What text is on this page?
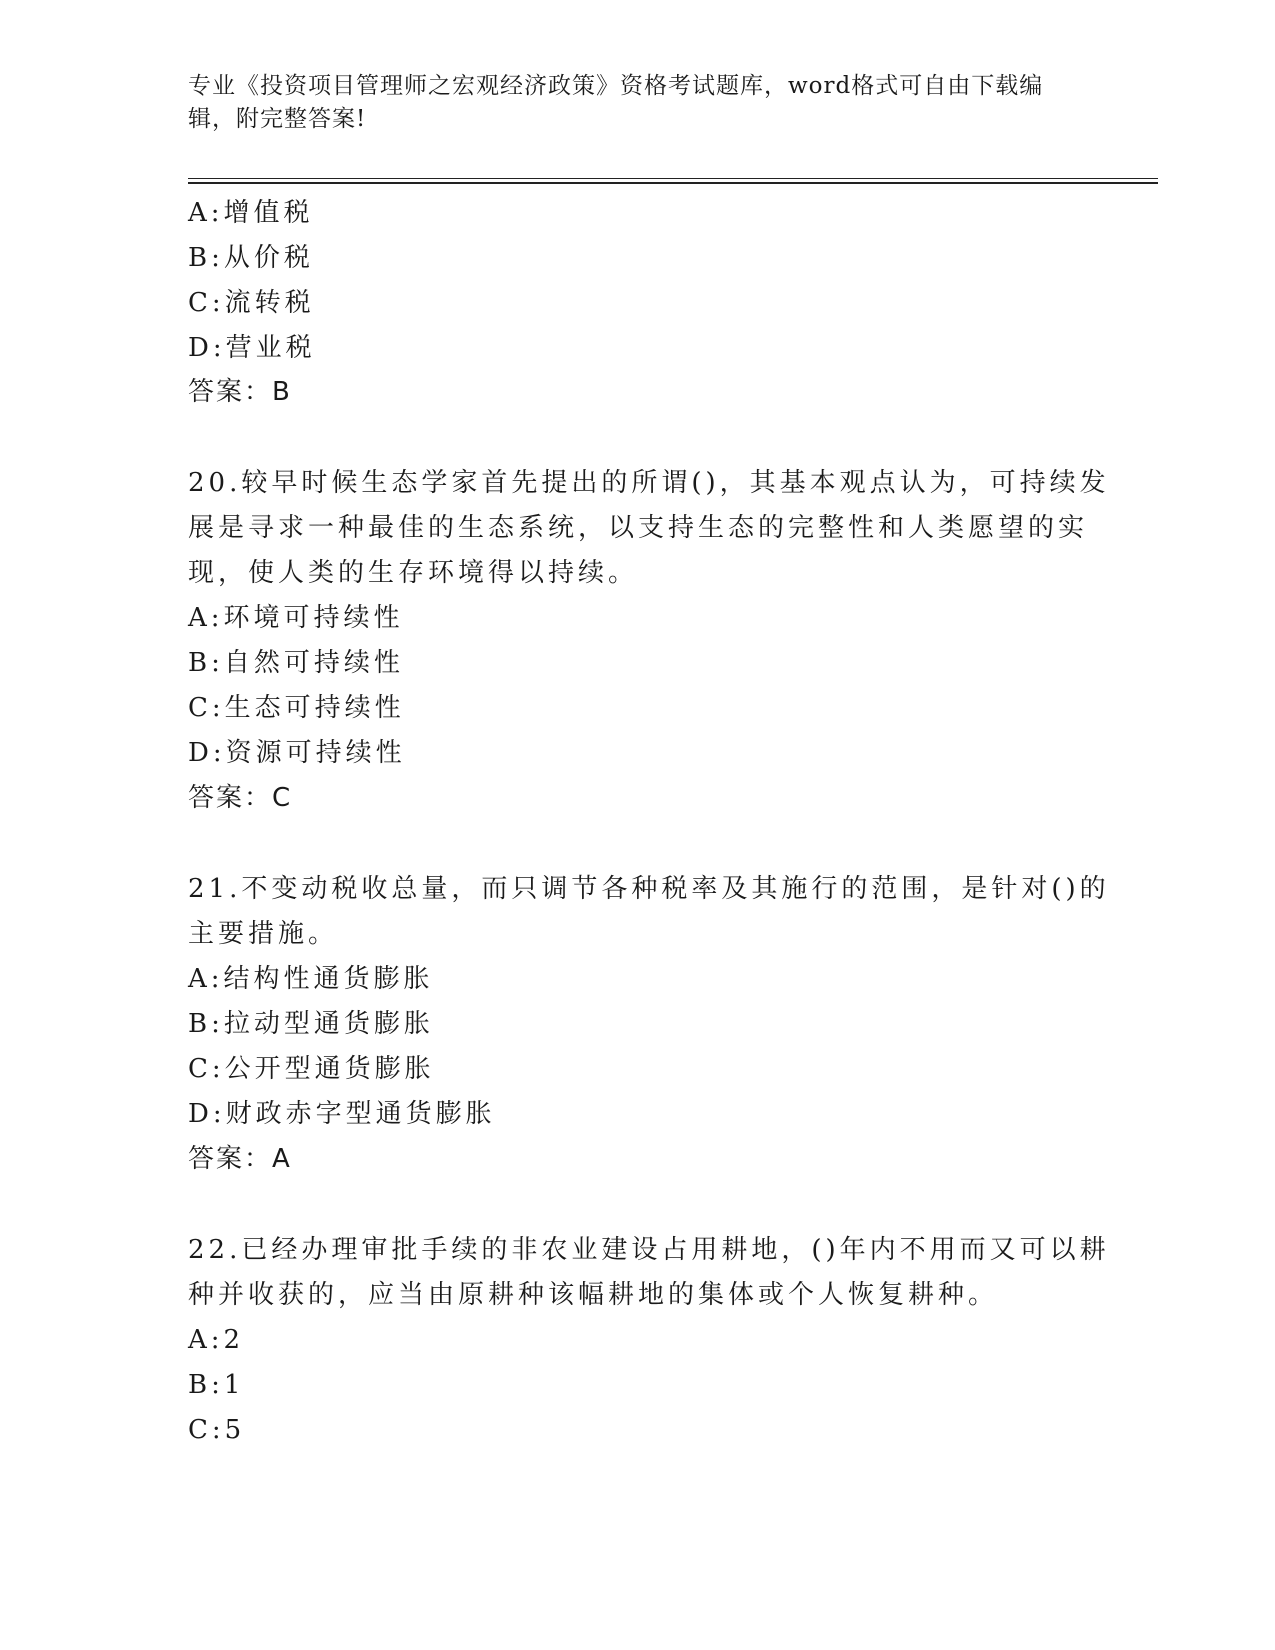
专业《投资项目管理师之宏观经济政策》资格考试题库，word格式可自由下载编辑，附完整答案!
A:增值税
B:从价税
C:流转税
D:营业税
答案：B
20.较早时候生态学家首先提出的所谓()，其基本观点认为，可持续发
展是寻求一种最佳的生态系统，以支持生态的完整性和人类愿望的实
现，使人类的生存环境得以持续。
A:环境可持续性
B:自然可持续性
C:生态可持续性
D:资源可持续性
答案：C
21.不变动税收总量，而只调节各种税率及其施行的范围，是针对()的
主要措施。
A:结构性通货膨胀
B:拉动型通货膨胀
C:公开型通货膨胀
D:财政赤字型通货膨胀
答案：A
22.已经办理审批手续的非农业建设占用耕地，()年内不用而又可以耕
种并收获的，应当由原耕种该幅耕地的集体或个人恢复耕种。
A:2
B:1
C:5
